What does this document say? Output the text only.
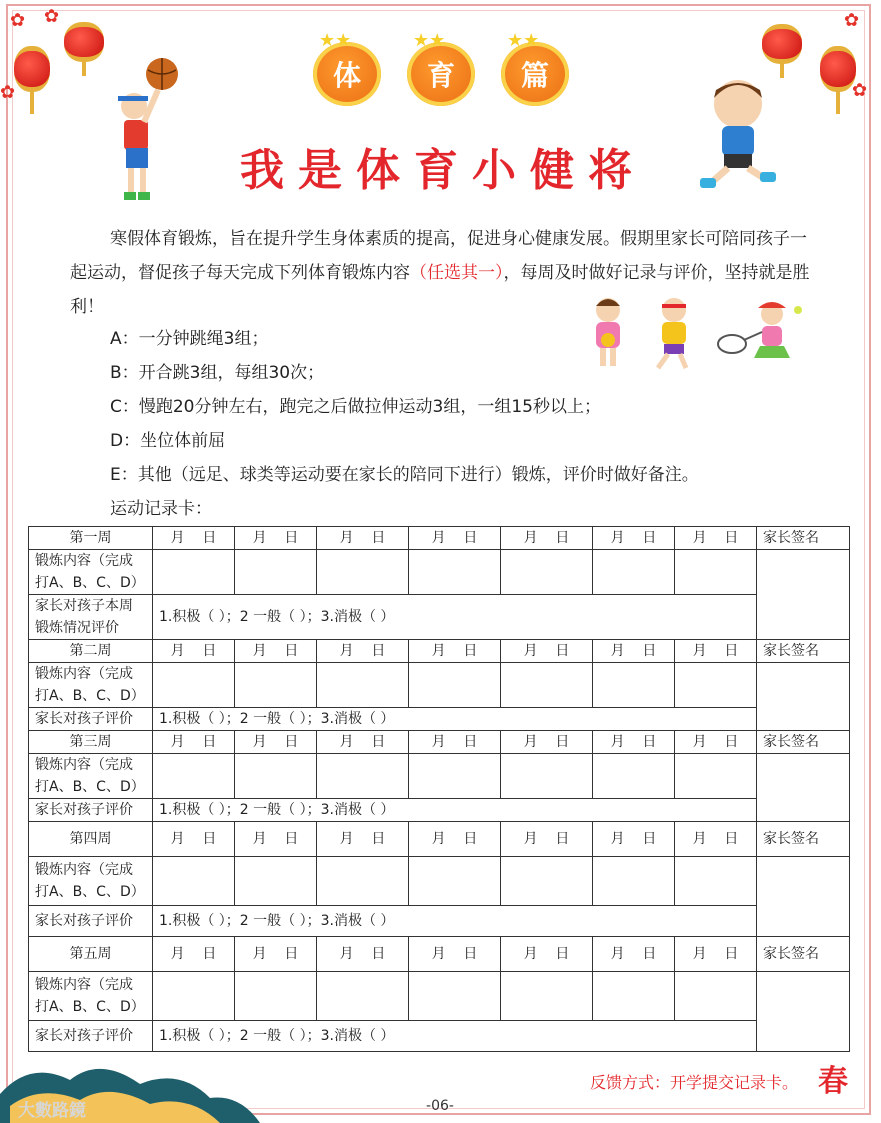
✿ ✿	✿
✿
✿
★★
体
★★
育
★★
篇
我是体育小健将

寒假体育锻炼，旨在提升学生身体素质的提高，促进身心健康发展。假期里家长可陪同孩子一起运动，督促孩子每天完成下列体育锻炼内容（任选其一），每周及时做好记录与评价，坚持就是胜利！

A：一分钟跳绳3组；
B：开合跳3组，每组30次；
C：慢跑20分钟左右，跑完之后做拉伸运动3组，一组15秒以上；
D：坐位体前屈
E：其他（远足、球类等运动要在家长的陪同下进行）锻炼，评价时做好备注。
运动记录卡：
第一周	月    日	月    日	月    日	月    日	月    日	月    日	月    日	家长签名

锻炼内容（完成
打A、B、C、D）								

家长对孩子本周
锻炼情况评价	1.积极（ ）；2 一般（ ）；3.消极（ ）							
第二周	月    日	月    日	月    日	月    日	月    日	月    日	月    日	家长签名

锻炼内容（完成
打A、B、C、D）								

家长对孩子评价	1.积极（ ）；2 一般（ ）；3.消极（ ）							
第三周	月    日	月    日	月    日	月    日	月    日	月    日	月    日	家长签名

锻炼内容（完成
打A、B、C、D）								

家长对孩子评价	1.积极（ ）；2 一般（ ）；3.消极（ ）							
第四周	月    日	月    日	月    日	月    日	月    日	月    日	月    日	家长签名

锻炼内容（完成
打A、B、C、D）								

家长对孩子评价	1.积极（ ）；2 一般（ ）；3.消极（ ）							
第五周	月    日	月    日	月    日	月    日	月    日	月    日	月    日	家长签名

锻炼内容（完成
打A、B、C、D）								

家长对孩子评价	1.积极（ ）；2 一般（ ）；3.消极（ ）							
大數路鏡
反馈方式：开学提交记录卡。 春
-06-
